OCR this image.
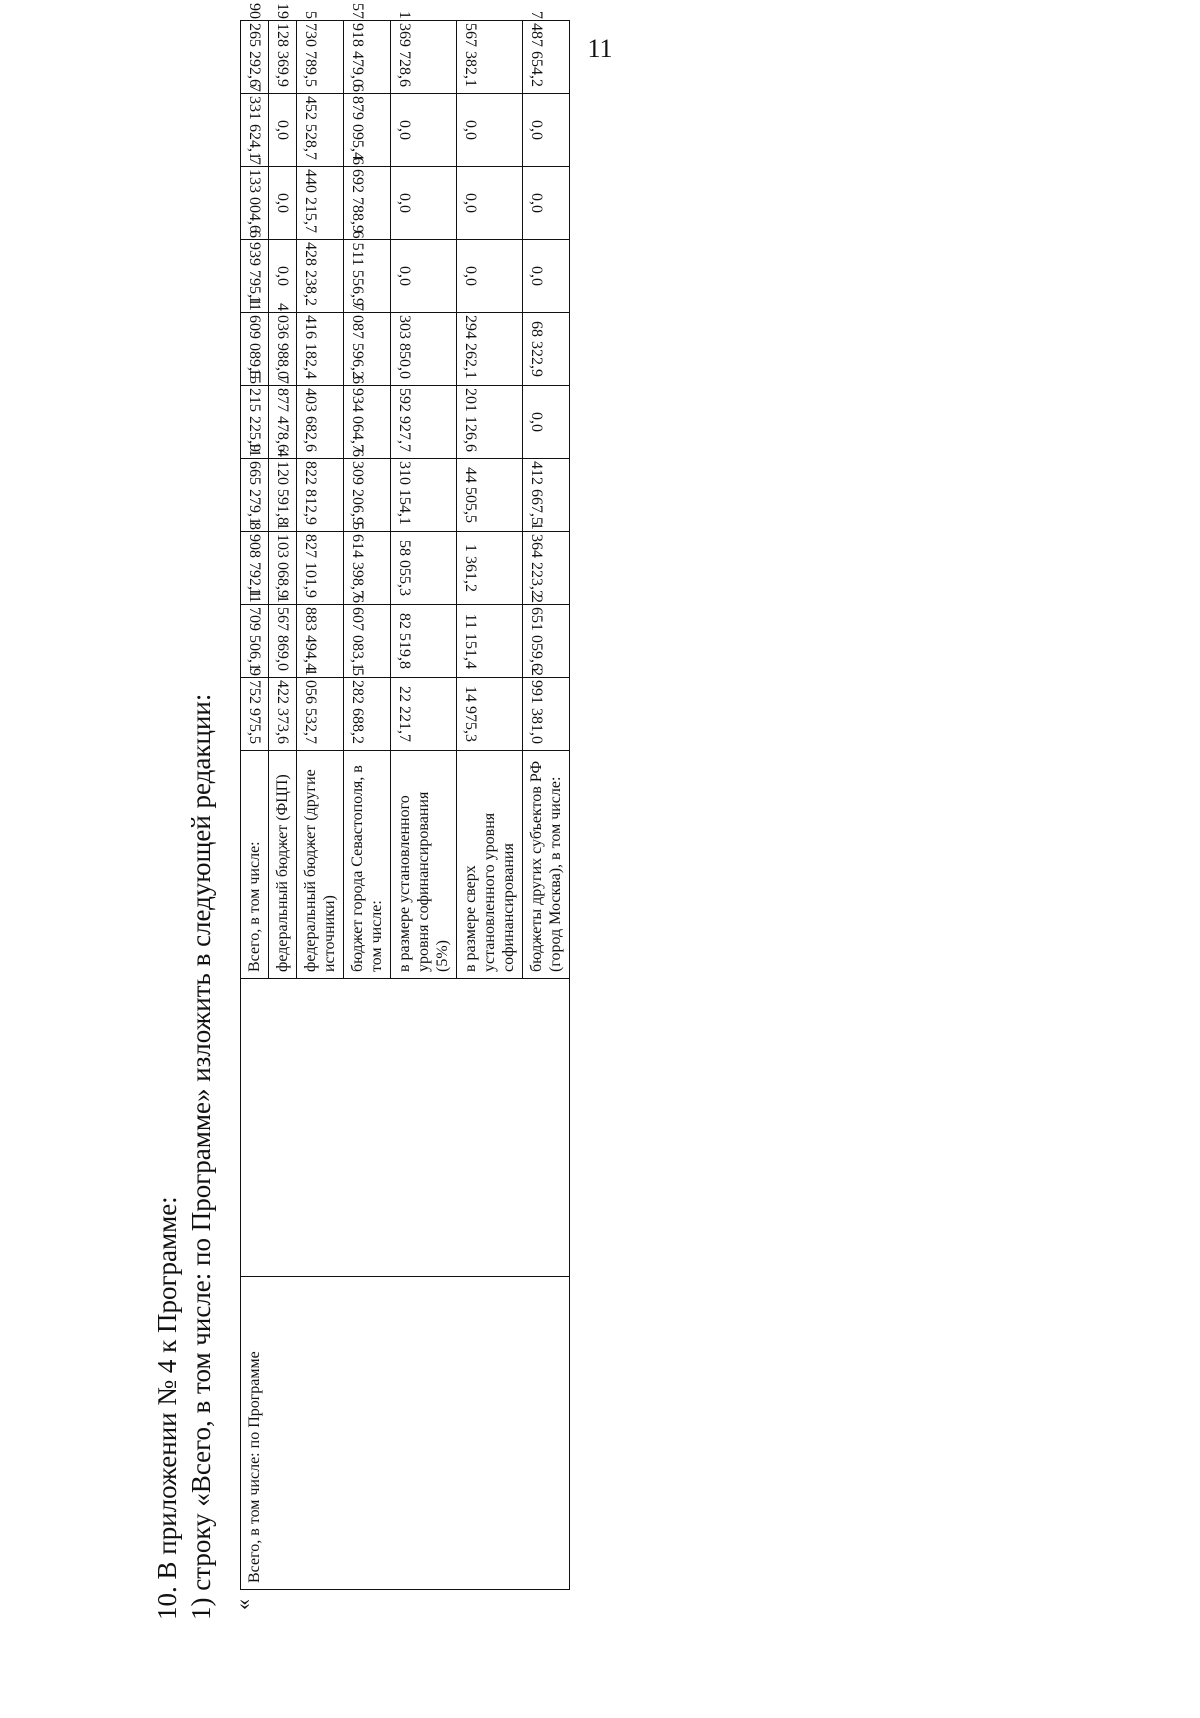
11
10. В приложении № 4 к Программе: 1) строку «Всего, в том числе: по Программе» изложить в следующей редакции: «
Всего, в том числе: по Программе		Всего, в том числе:	9 752 975,5	11 709 506,1	8 908 792,1	11 665 279,1	15 215 225,9	11 609 089,5	6 939 795,1	7 133 004,6	7 331 624,1	90 265 292,6
		федеральный бюджет (ФЦП)	422 373,6	1 567 869,0	1 103 068,9	4 120 591,8	7 877 478,6	4 036 988,0	0,0	0,0	0,0	19 128 369,9
		федеральный бюджет (другие источники)	1 056 532,7	883 494,4	827 101,9	822 812,9	403 682,6	416 182,4	428 238,2	440 215,7	452 528,7	5 730 789,5
		бюджет города Севастополя, в том числе:	5 282 688,2	6 607 083,1	5 614 398,7	6 309 206,9	6 934 064,7	7 087 596,2	6 511 556,9	6 692 788,9	6 879 095,4	57 918 479,0
		в размере установленного уровня софинансирования (5%)	22 221,7	82 519,8	58 055,3	310 154,1	592 927,7	303 850,0	0,0	0,0	0,0	1 369 728,6
		в размере сверх установленного уровня софинансирования	14 975,3	11 151,4	1 361,2	44 505,5	201 126,6	294 262,1	0,0	0,0	0,0	567 382,1
		бюджеты других субъектов РФ (город Москва), в том числе:	2 991 381,0	2 651 059,6	1 364 223,2	412 667,5	0,0	68 322,9	0,0	0,0	0,0	7 487 654,2
